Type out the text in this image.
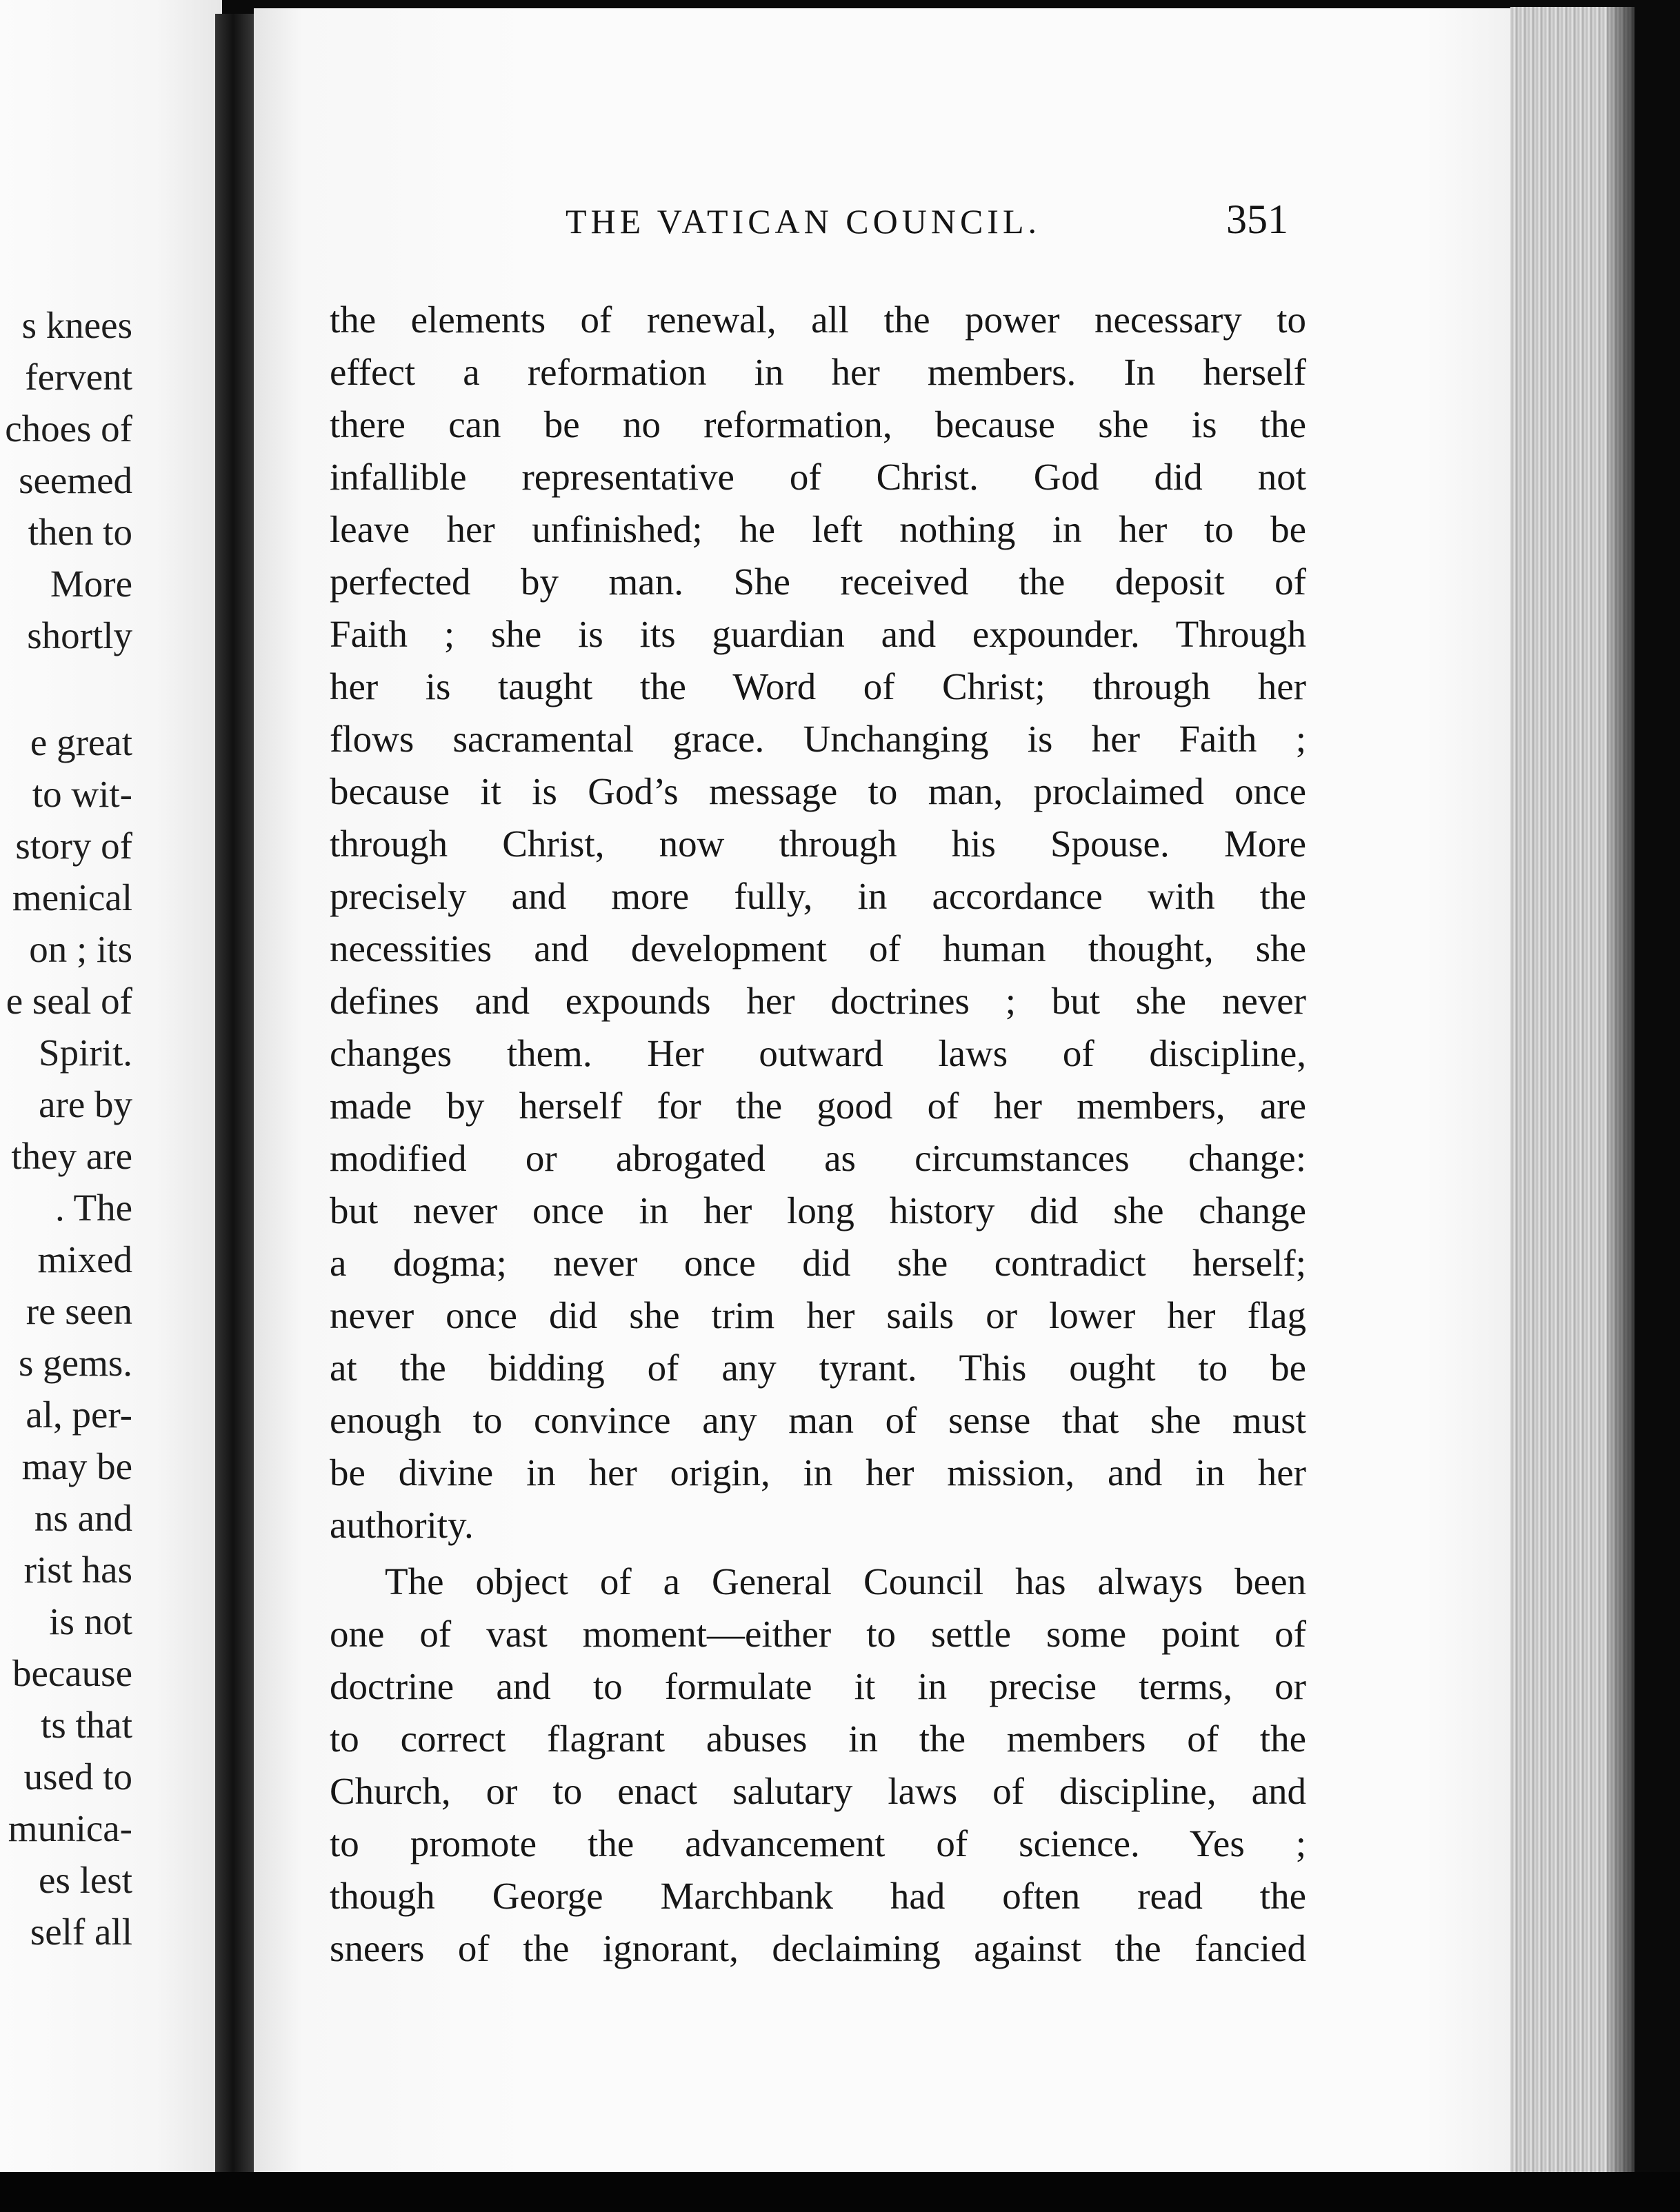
s knees
fervent
choes of
seemed
then to
More
shortly
e great
to wit-
story of
menical
on ; its
e seal of
Spirit.
are by
they are
. The
mixed
re seen
s gems.
al, per-
may be
ns and
rist has
is not
because
ts that
used to
munica-
es lest
self all
THE VATICAN COUNCIL.	351
the elements of renewal, all the power necessary to
effect a reformation in her members. In herself
there can be no reformation, because she is the
infallible representative of Christ. God did not
leave her unfinished; he left nothing in her to be
perfected by man. She received the deposit of
Faith ; she is its guardian and expounder. Through
her is taught the Word of Christ; through her
flows sacramental grace. Unchanging is her Faith ;
because it is God’s message to man, proclaimed once
through Christ, now through his Spouse. More
precisely and more fully, in accordance with the
necessities and development of human thought, she
defines and expounds her doctrines ; but she never
changes them. Her outward laws of discipline,
made by herself for the good of her members, are
modified or abrogated as circumstances change:
but never once in her long history did she change
a dogma; never once did she contradict herself;
never once did she trim her sails or lower her flag
at the bidding of any tyrant. This ought to be
enough to convince any man of sense that she must
be divine in her origin, in her mission, and in her
authority.
The object of a General Council has always been
one of vast moment—either to settle some point of
doctrine and to formulate it in precise terms, or
to correct flagrant abuses in the members of the
Church, or to enact salutary laws of discipline, and
to promote the advancement of science. Yes ;
though George Marchbank had often read the
sneers of the ignorant, declaiming against the fancied
